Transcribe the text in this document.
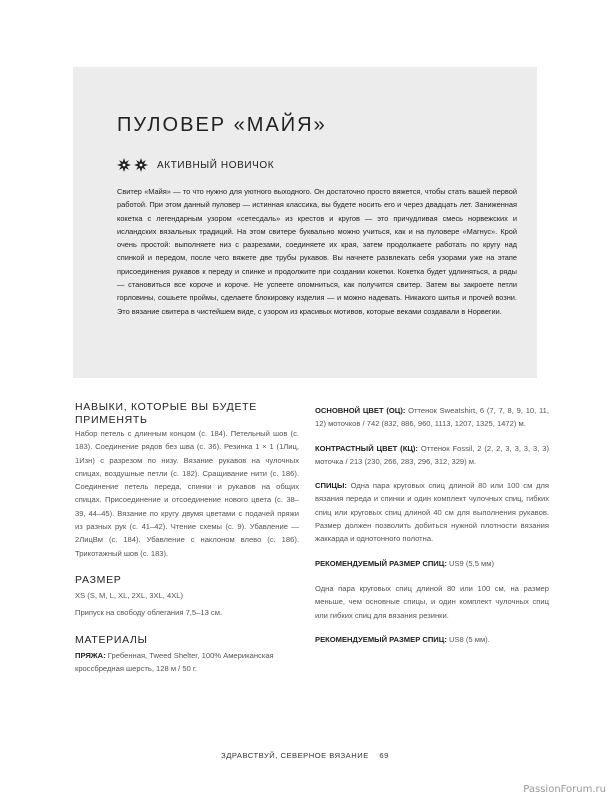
ПУЛОВЕР «МАЙЯ»
АКТИВНЫЙ НОВИЧОК
Свитер «Майя» — то что нужно для уютного выходного. Он достаточно просто вяжется, чтобы стать вашей первой работой. При этом данный пуловер — истинная классика, вы будете носить его и через двадцать лет. Заниженная кокетка с легендарным узором «сетесдаль» из крестов и кругов — это причудливая смесь норвежских и исландских вязальных традиций. На этом свитере буквально можно учиться, как и на пуловере «Магнус». Крой очень простой: выполняете низ с разрезами, соединяете их края, затем продолжаете работать по кругу над спинкой и передом, после чего вяжете две трубы рукавов. Вы начнете развлекать себя узорами уже на этапе присоединения рукавов к переду и спинке и продолжите при создании кокетки. Кокетка будет удлиняться, а ряды — становиться все короче и короче. Не успеете опомниться, как получится свитер. Затем вы закроете петли горловины, сошьете проймы, сделаете блокировку изделия — и можно надевать. Никакого шитья и прочей возни. Это вязание свитера в чистейшем виде, с узором из красивых мотивов, которые веками создавали в Норвегии.
НАВЫКИ, КОТОРЫЕ ВЫ БУДЕТЕ ПРИМЕНЯТЬ
Набор петель с длинным концом (с. 184). Петельный шов (с. 183). Соединение рядов без шва (с. 36). Резинка 1 × 1 (1Лиц, 1Изн) с разрезом по низу. Вязание рукавов на чулочных спицах, воздушные петли (с. 182). Сращивание нити (с. 186). Соединение петель переда, спинки и рукавов на общих спицах. Присоединение и отсоединение нового цвета (с. 38–39, 44–45). Вязание по кругу двумя цветами с подачей пряжи из разных рук (с. 41–42). Чтение схемы (с. 9). Убавление — 2ЛицВм (с. 184). Убавление с наклоном влево (с. 186). Трикотажный шов (с. 183).
РАЗМЕР
XS (S, M, L, XL, 2XL, 3XL, 4XL)
Припуск на свободу облегания 7,5–13 см.
МАТЕРИАЛЫ
ПРЯЖА: Гребенная, Tweed Shelter, 100% Американская кроссбредная шерсть, 128 м / 50 г.
ОСНОВНОЙ ЦВЕТ (ОЦ): Оттенок Sweatshirt, 6 (7, 7, 8, 9, 10, 11, 12) моточков / 742 (832, 886, 960, 1113, 1207, 1325, 1472) м.
КОНТРАСТНЫЙ ЦВЕТ (КЦ): Оттенок Fossil, 2 (2, 2, 3, 3, 3, 3, 3) моточка / 213 (230, 266, 283, 296, 312, 329) м.
СПИЦЫ: Одна пара круговых спиц длиной 80 или 100 см для вязания переда и спинки и один комплект чулочных спиц, гибких спиц или круговых спиц длиной 40 см для выполнения рукавов. Размер должен позволить добиться нужной плотности вязания жаккарда и однотонного полотна.
РЕКОМЕНДУЕМЫЙ РАЗМЕР СПИЦ: US9 (5,5 мм)
Одна пара круговых спиц длиной 80 или 100 см, на размер меньше, чем основные спицы, и один комплект чулочных спиц или гибких спиц для вязания резинки.
РЕКОМЕНДУЕМЫЙ РАЗМЕР СПИЦ: US8 (5 мм).
ЗДРАВСТВУЙ, СЕВЕРНОЕ ВЯЗАНИЕ 69
PassionForum.ru
